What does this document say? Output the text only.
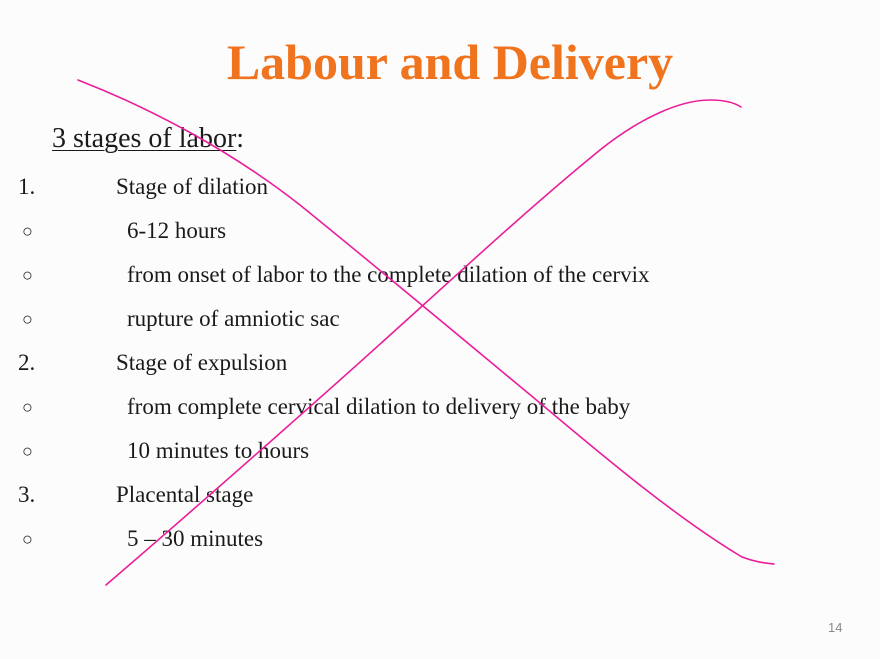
Labour and Delivery
3 stages of labor:
1.	Stage of dilation
○	6-12 hours
○	from onset of labor to the complete dilation of the cervix
○	rupture of amniotic sac
2.	Stage of expulsion
○	from complete cervical dilation to delivery of the baby
○	10 minutes to hours
3.	Placental stage
○	5 – 30 minutes
14
